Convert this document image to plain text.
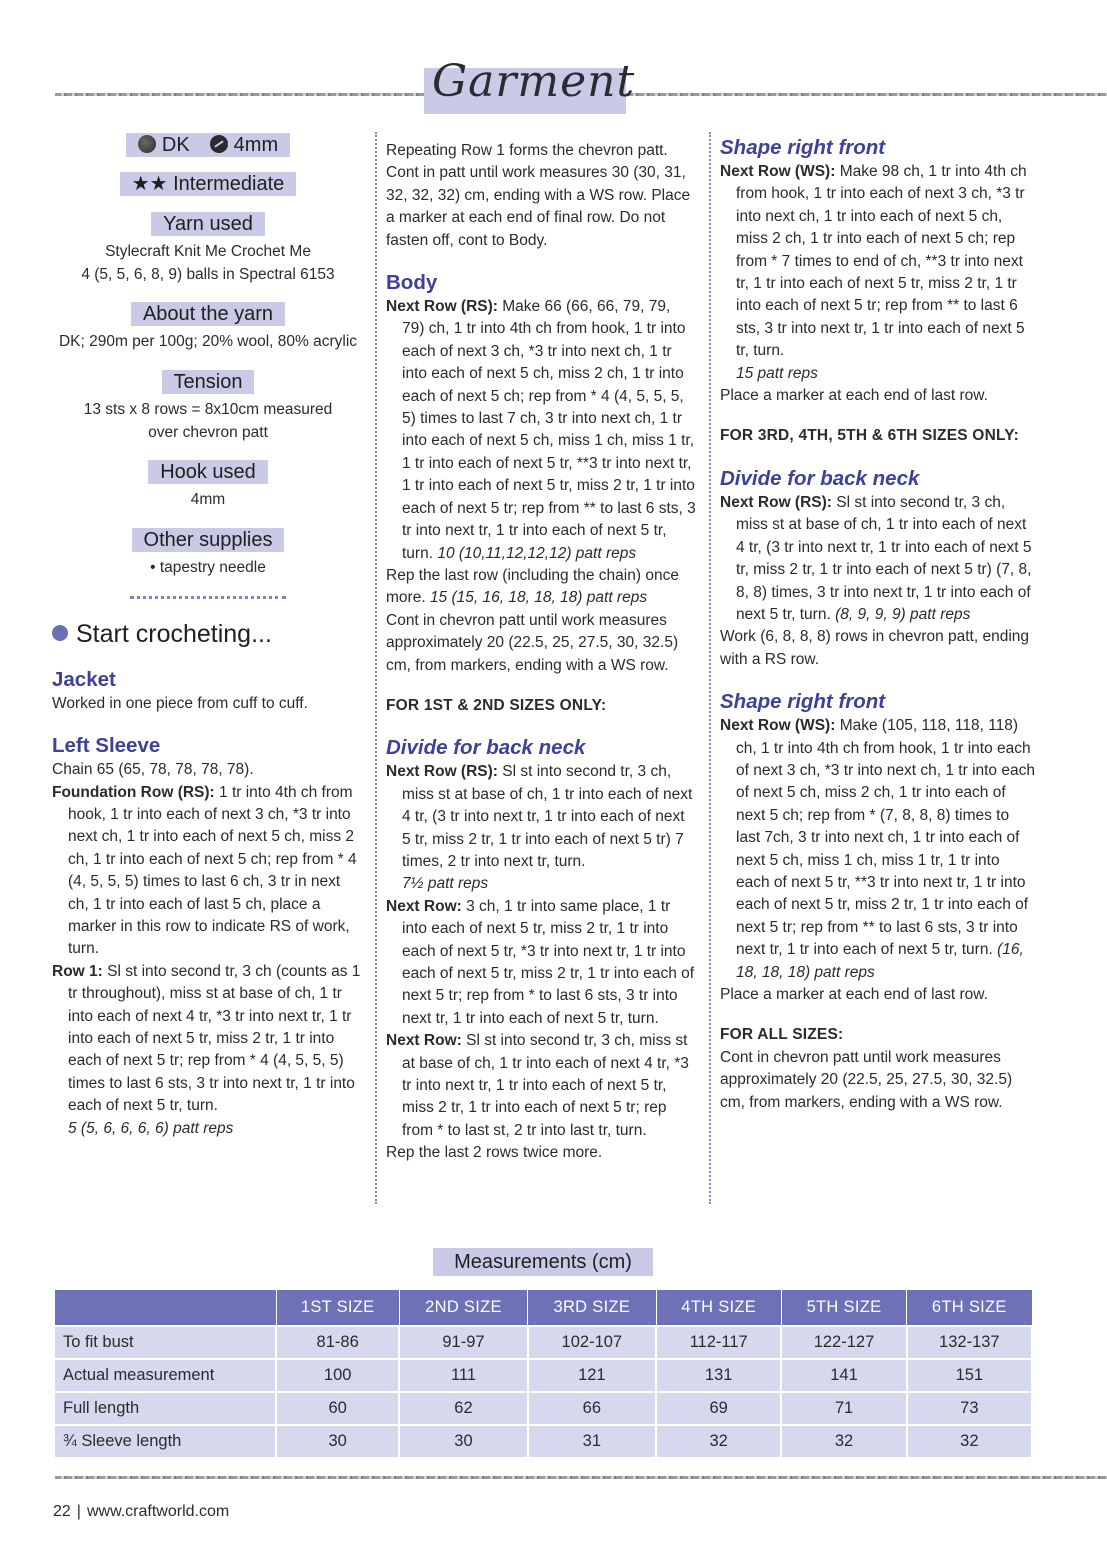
Garment
DK 4mm
★★ Intermediate
Yarn used
Stylecraft Knit Me Crochet Me
4 (5, 5, 6, 8, 9) balls in Spectral 6153
About the yarn
DK; 290m per 100g; 20% wool, 80% acrylic
Tension
13 sts x 8 rows = 8x10cm measured
over chevron patt
Hook used
4mm
Other supplies
• tapestry needle
Start crocheting...
Jacket
Worked in one piece from cuff to cuff.
Left Sleeve
Chain 65 (65, 78, 78, 78, 78).
Foundation Row (RS): 1 tr into 4th ch from hook, 1 tr into each of next 3 ch, *3 tr into next ch, 1 tr into each of next 5 ch, miss 2 ch, 1 tr into each of next 5 ch; rep from * 4 (4, 5, 5, 5) times to last 6 ch, 3 tr in next ch, 1 tr into each of last 5 ch, place a marker in this row to indicate RS of work, turn.
Row 1: Sl st into second tr, 3 ch (counts as 1 tr throughout), miss st at base of ch, 1 tr into each of next 4 tr, *3 tr into next tr, 1 tr into each of next 5 tr, miss 2 tr, 1 tr into each of next 5 tr; rep from * 4 (4, 5, 5, 5) times to last 6 sts, 3 tr into next tr, 1 tr into each of next 5 tr, turn.
5 (5, 6, 6, 6, 6) patt reps
Repeating Row 1 forms the chevron patt. Cont in patt until work measures 30 (30, 31, 32, 32, 32) cm, ending with a WS row. Place a marker at each end of final row. Do not fasten off, cont to Body.
Body
Next Row (RS): Make 66 (66, 66, 79, 79, 79) ch, 1 tr into 4th ch from hook, 1 tr into each of next 3 ch, *3 tr into next ch, 1 tr into each of next 5 ch, miss 2 ch, 1 tr into each of next 5 ch; rep from * 4 (4, 5, 5, 5, 5) times to last 7 ch, 3 tr into next ch, 1 tr into each of next 5 ch, miss 1 ch, miss 1 tr, 1 tr into each of next 5 tr, **3 tr into next tr, 1 tr into each of next 5 tr, miss 2 tr, 1 tr into each of next 5 tr; rep from ** to last 6 sts, 3 tr into next tr, 1 tr into each of next 5 tr, turn. 10 (10,11,12,12,12) patt reps
Rep the last row (including the chain) once more. 15 (15, 16, 18, 18, 18) patt reps
Cont in chevron patt until work measures approximately 20 (22.5, 25, 27.5, 30, 32.5) cm, from markers, ending with a WS row.
FOR 1ST & 2ND SIZES ONLY:
Divide for back neck
Next Row (RS): Sl st into second tr, 3 ch, miss st at base of ch, 1 tr into each of next 4 tr, (3 tr into next tr, 1 tr into each of next 5 tr, miss 2 tr, 1 tr into each of next 5 tr) 7 times, 2 tr into next tr, turn.
7½ patt reps
Next Row: 3 ch, 1 tr into same place, 1 tr into each of next 5 tr, miss 2 tr, 1 tr into each of next 5 tr, *3 tr into next tr, 1 tr into each of next 5 tr, miss 2 tr, 1 tr into each of next 5 tr; rep from * to last 6 sts, 3 tr into next tr, 1 tr into each of next 5 tr, turn.
Next Row: Sl st into second tr, 3 ch, miss st at base of ch, 1 tr into each of next 4 tr, *3 tr into next tr, 1 tr into each of next 5 tr, miss 2 tr, 1 tr into each of next 5 tr; rep from * to last st, 2 tr into last tr, turn.
Rep the last 2 rows twice more.
Shape right front
Next Row (WS): Make 98 ch, 1 tr into 4th ch from hook, 1 tr into each of next 3 ch, *3 tr into next ch, 1 tr into each of next 5 ch, miss 2 ch, 1 tr into each of next 5 ch; rep from * 7 times to end of ch, **3 tr into next tr, 1 tr into each of next 5 tr, miss 2 tr, 1 tr into each of next 5 tr; rep from ** to last 6 sts, 3 tr into next tr, 1 tr into each of next 5 tr, turn.
15 patt reps
Place a marker at each end of last row.
FOR 3RD, 4TH, 5TH & 6TH SIZES ONLY:
Divide for back neck
Next Row (RS): Sl st into second tr, 3 ch, miss st at base of ch, 1 tr into each of next 4 tr, (3 tr into next tr, 1 tr into each of next 5 tr, miss 2 tr, 1 tr into each of next 5 tr) (7, 8, 8, 8) times, 3 tr into next tr, 1 tr into each of next 5 tr, turn. (8, 9, 9, 9) patt reps
Work (6, 8, 8, 8) rows in chevron patt, ending with a RS row.
Shape right front
Next Row (WS): Make (105, 118, 118, 118) ch, 1 tr into 4th ch from hook, 1 tr into each of next 3 ch, *3 tr into next ch, 1 tr into each of next 5 ch, miss 2 ch, 1 tr into each of next 5 ch; rep from * (7, 8, 8, 8) times to last 7ch, 3 tr into next ch, 1 tr into each of next 5 ch, miss 1 ch, miss 1 tr, 1 tr into each of next 5 tr, **3 tr into next tr, 1 tr into each of next 5 tr, miss 2 tr, 1 tr into each of next 5 tr; rep from ** to last 6 sts, 3 tr into next tr, 1 tr into each of next 5 tr, turn. (16, 18, 18, 18) patt reps
Place a marker at each end of last row.
FOR ALL SIZES:
Cont in chevron patt until work measures approximately 20 (22.5, 25, 27.5, 30, 32.5) cm, from markers, ending with a WS row.
Measurements (cm)
	1ST SIZE	2ND SIZE	3RD SIZE	4TH SIZE	5TH SIZE	6TH SIZE
To fit bust	81-86	91-97	102-107	112-117	122-127	132-137
Actual measurement	100	111	121	131	141	151
Full length	60	62	66	69	71	73
¾ Sleeve length	30	30	31	32	32	32
22 | www.craftworld.com
